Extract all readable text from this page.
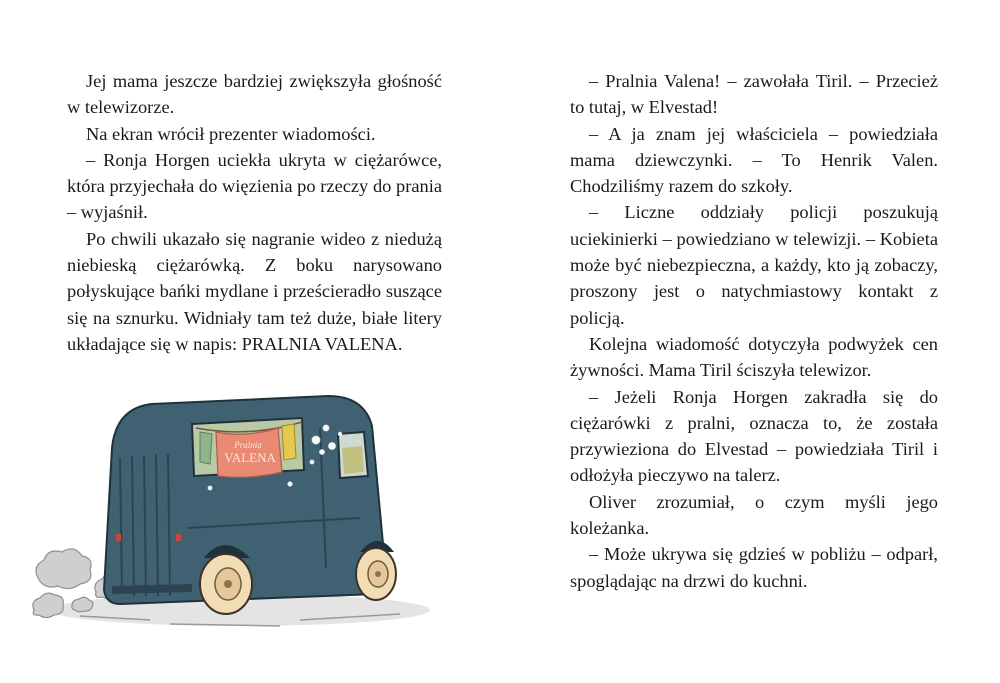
Jej mama jeszcze bardziej zwiększyła głośność w telewizorze.

Na ekran wrócił prezenter wiadomości.

– Ronja Horgen uciekła ukryta w ciężarówce, która przyjechała do więzienia po rzeczy do prania – wyjaśnił.

Po chwili ukazało się nagranie wideo z niedużą niebieską ciężarówką. Z boku narysowano połyskujące bańki mydlane i prześcieradło suszące się na sznurku. Widniały tam też duże, białe litery układające się w napis: PRALNIA VALENA.

Pralnia
VALENA

– Pralnia Valena! – zawołała Tiril. – Przecież to tutaj, w Elvestad!

– A ja znam jej właściciela – powiedziała mama dziewczynki. – To Henrik Valen. Chodziliśmy razem do szkoły.

– Liczne oddziały policji poszukują uciekinierki – powiedziano w telewizji. – Kobieta może być niebezpieczna, a każdy, kto ją zobaczy, proszony jest o natychmiastowy kontakt z policją.

Kolejna wiadomość dotyczyła podwyżek cen żywności. Mama Tiril ściszyła telewizor.

– Jeżeli Ronja Horgen zakradła się do ciężarówki z pralni, oznacza to, że została przywieziona do Elvestad – powiedziała Tiril i odłożyła pieczywo na talerz.

Oliver zrozumiał, o czym myśli jego koleżanka.

– Może ukrywa się gdzieś w pobliżu – odparł, spoglądając na drzwi do kuchni.
